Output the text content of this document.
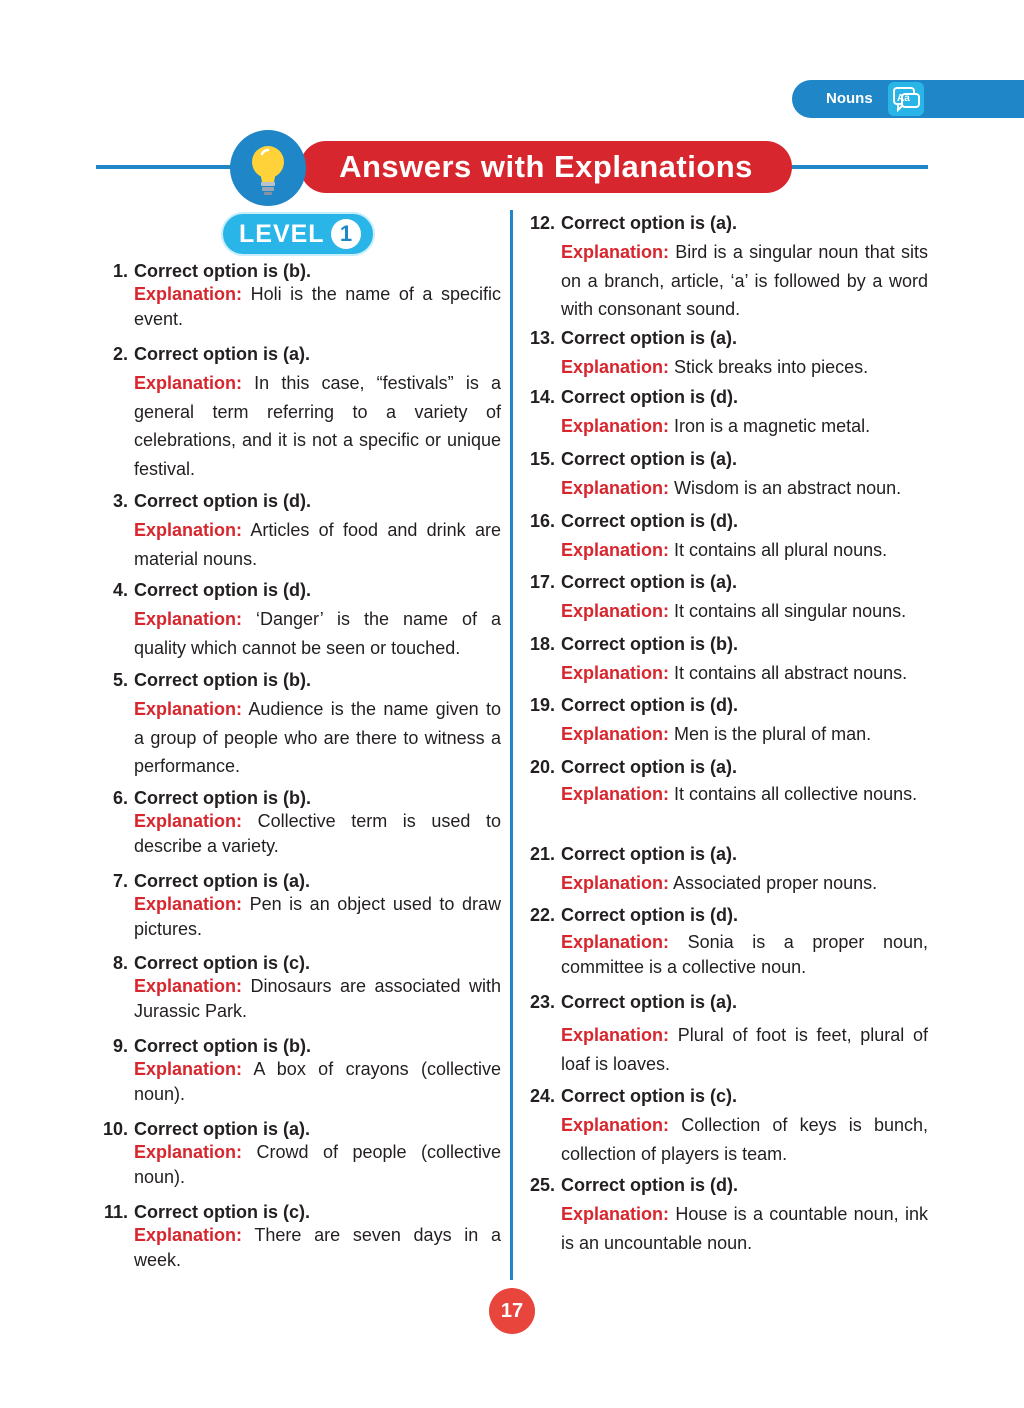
Nouns Aa
Answers with Explanations
LEVEL 1
1. Correct option is (b).
Explanation: Holi is the name of a specific event.
2. Correct option is (a).
Explanation: In this case, “festivals” is a general term referring to a variety of celebrations, and it is not a specific or unique festival.
3. Correct option is (d).
Explanation: Articles of food and drink are material nouns.
4. Correct option is (d).
Explanation: ‘Danger’ is the name of a quality which cannot be seen or touched.
5. Correct option is (b).
Explanation: Audience is the name given to a group of people who are there to witness a performance.
6. Correct option is (b).
Explanation: Collective term is used to describe a variety.
7. Correct option is (a).
Explanation: Pen is an object used to draw pictures.
8. Correct option is (c).
Explanation: Dinosaurs are associated with Jurassic Park.
9. Correct option is (b).
Explanation: A box of crayons (collective noun).
10. Correct option is (a).
Explanation: Crowd of people (collective noun).
11. Correct option is (c).
Explanation: There are seven days in a week.
12. Correct option is (a).
Explanation: Bird is a singular noun that sits on a branch, article, ‘a’ is followed by a word with consonant sound.
13. Correct option is (a).
Explanation: Stick breaks into pieces.
14. Correct option is (d).
Explanation: Iron is a magnetic metal.
15. Correct option is (a).
Explanation: Wisdom is an abstract noun.
16. Correct option is (d).
Explanation: It contains all plural nouns.
17. Correct option is (a).
Explanation: It contains all singular nouns.
18. Correct option is (b).
Explanation: It contains all abstract nouns.
19. Correct option is (d).
Explanation: Men is the plural of man.
20. Correct option is (a).
Explanation: It contains all collective nouns.
21. Correct option is (a).
Explanation: Associated proper nouns.
22. Correct option is (d).
Explanation: Sonia is a proper noun, committee is a collective noun.
23. Correct option is (a).
Explanation: Plural of foot is feet, plural of loaf is loaves.
24. Correct option is (c).
Explanation: Collection of keys is bunch, collection of players is team.
25. Correct option is (d).
Explanation: House is a countable noun, ink is an uncountable noun.
17
